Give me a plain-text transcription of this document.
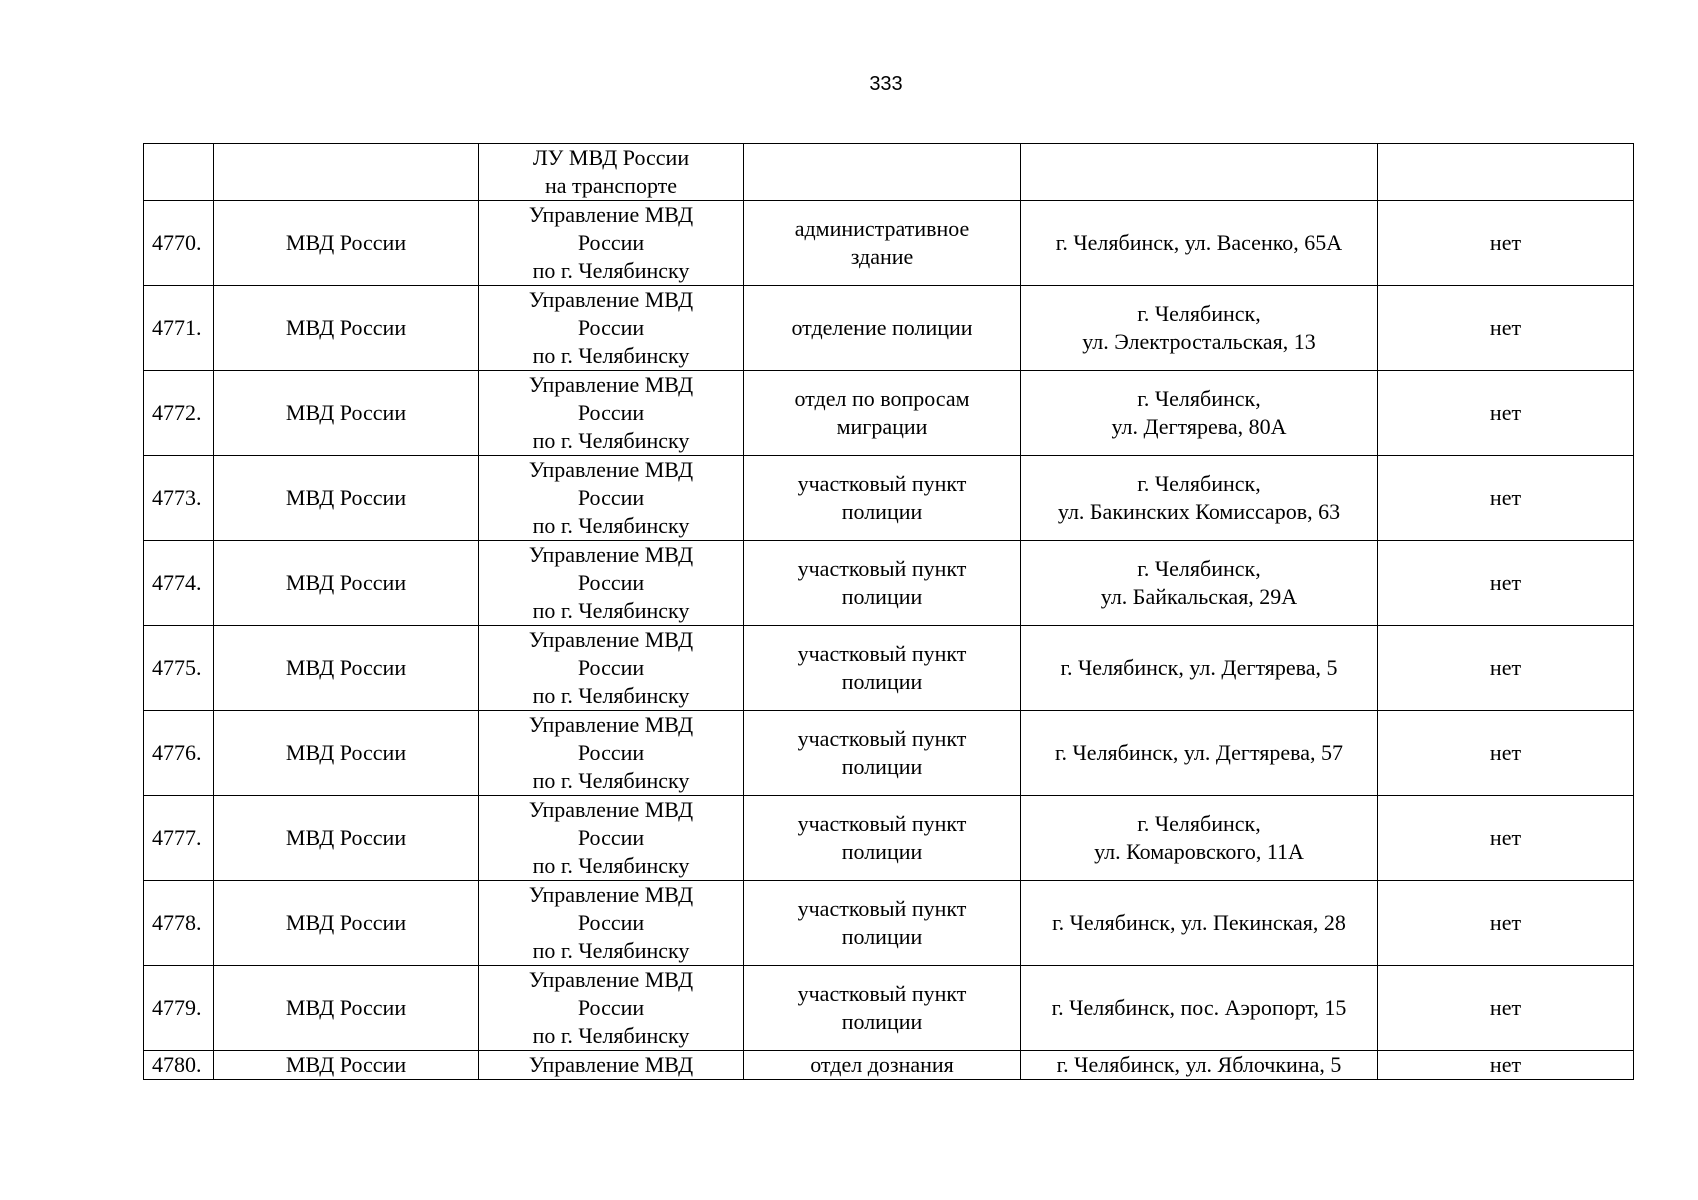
333

		ЛУ МВД России
на транспорте			

4770.	МВД России	Управление МВД
России
по г. Челябинску	административное
здание	г. Челябинск, ул. Васенко, 65А	нет
4771.	МВД России	Управление МВД
России
по г. Челябинску	отделение полиции	г. Челябинск,
ул. Электростальская, 13	нет
4772.	МВД России	Управление МВД
России
по г. Челябинску	отдел по вопросам
миграции	г. Челябинск,
ул. Дегтярева, 80А	нет
4773.	МВД России	Управление МВД
России
по г. Челябинску	участковый пункт
полиции	г. Челябинск,
ул. Бакинских Комиссаров, 63	нет
4774.	МВД России	Управление МВД
России
по г. Челябинску	участковый пункт
полиции	г. Челябинск,
ул. Байкальская, 29А	нет
4775.	МВД России	Управление МВД
России
по г. Челябинску	участковый пункт
полиции	г. Челябинск, ул. Дегтярева, 5	нет
4776.	МВД России	Управление МВД
России
по г. Челябинску	участковый пункт
полиции	г. Челябинск, ул. Дегтярева, 57	нет
4777.	МВД России	Управление МВД
России
по г. Челябинску	участковый пункт
полиции	г. Челябинск,
ул. Комаровского, 11А	нет
4778.	МВД России	Управление МВД
России
по г. Челябинску	участковый пункт
полиции	г. Челябинск, ул. Пекинская, 28	нет
4779.	МВД России	Управление МВД
России
по г. Челябинску	участковый пункт
полиции	г. Челябинск, пос. Аэропорт, 15	нет
4780.	МВД России	Управление МВД	отдел дознания	г. Челябинск, ул. Яблочкина, 5	нет
